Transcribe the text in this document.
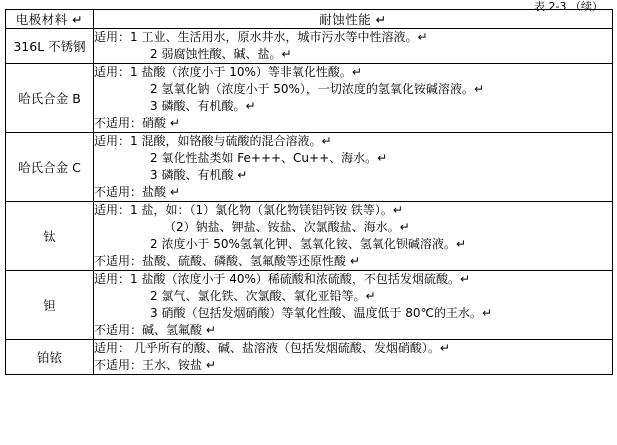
表 2-3 （续）
电极材料 ↵	耐蚀性能 ↵
316L 不锈钢	适用：1 工业、生活用水，原水井水，城市污水等中性溶液。↵
2 弱腐蚀性酸、碱、盐。↵

哈氏合金 B	适用：1 盐酸（浓度小于 10%）等非氧化性酸。↵
2 氢氧化钠（浓度小于 50%），一切浓度的氢氧化铵碱溶液。↵
3 磷酸、有机酸。↵
不适用：硝酸 ↵

哈氏合金 C	适用：1 混酸，如铬酸与硫酸的混合溶液。↵
2 氧化性盐类如 Fe+++、Cu++、海水。↵
3 磷酸、有机酸 ↵
不适用：盐酸 ↵

钛	适用：1 盐，如：（1）氯化物（氯化物镁铝钙铵 铁等）。↵
（2）钠盐、钾盐、铵盐、次氯酸盐、海水。↵
2 浓度小于 50%氢氧化钾、氢氧化铵、氢氧化钡碱溶液。↵
不适用：盐酸、硫酸、磷酸、氢氟酸等还原性酸 ↵

钽	适用：1 盐酸（浓度小于 40%）稀硫酸和浓硫酸，不包括发烟硫酸。↵
2 氯气、氯化铁、次氯酸、氧化亚铅等。↵
3 硝酸（包括发烟硝酸）等氧化性酸、温度低于 80℃的王水。↵
不适用：碱、氢氟酸 ↵

铂铱	适用： 几乎所有的酸、碱、盐溶液（包括发烟硫酸、发烟硝酸）。↵
不适用：王水、铵盐 ↵
